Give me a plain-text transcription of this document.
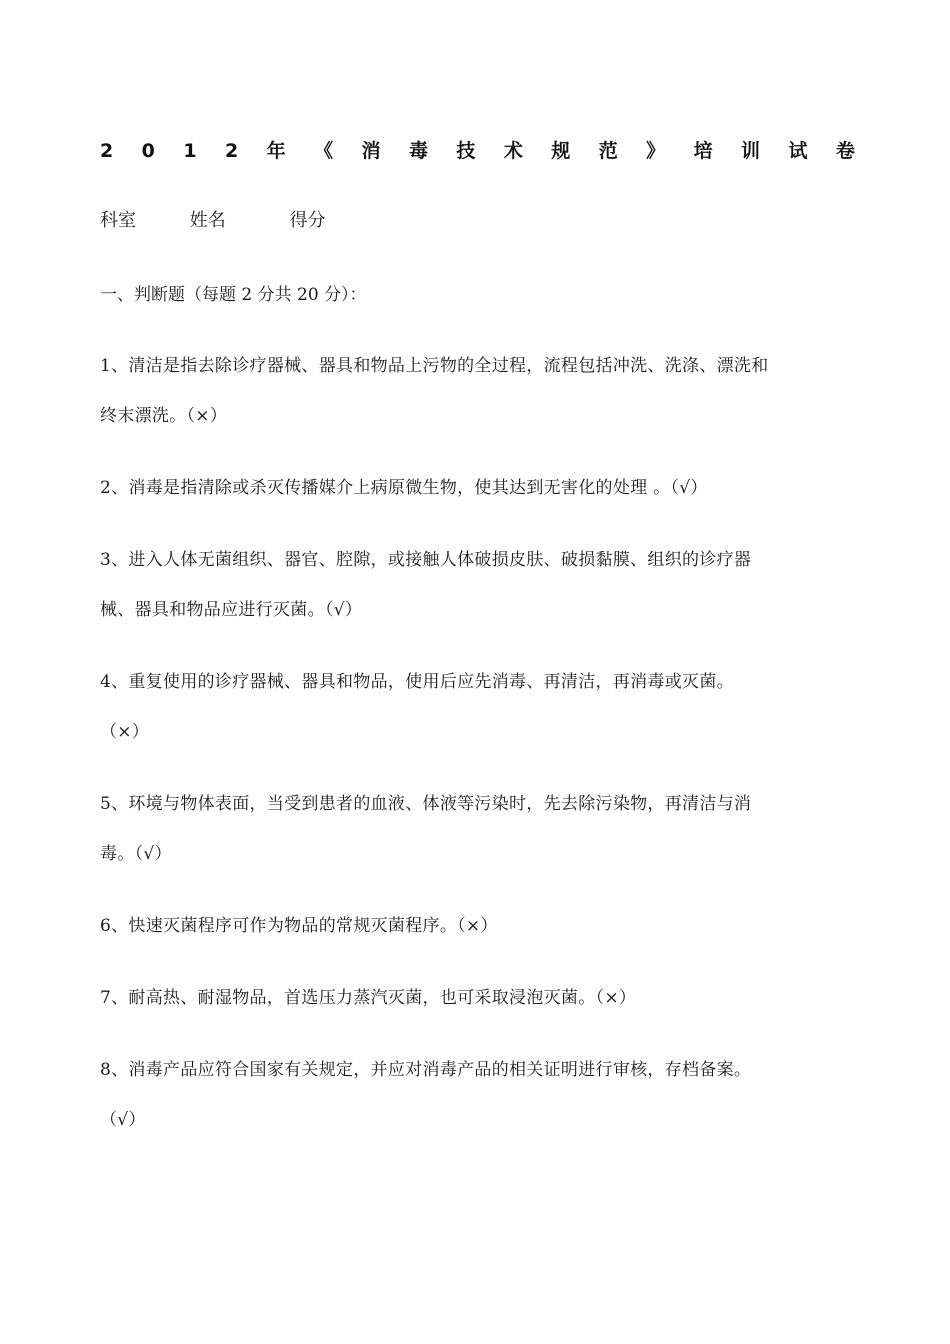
2 0 1 2 年 《 消 毒 技 术 规 范 》 培 训 试 卷
科室	姓名	得分
一、判断题（每题 2 分共 20 分）：
1、清洁是指去除诊疗器械、器具和物品上污物的全过程，流程包括冲洗、洗涤、漂洗和
终末漂洗。（×）
2、消毒是指清除或杀灭传播媒介上病原微生物，使其达到无害化的处理 。（√）
3、进入人体无菌组织、器官、腔隙，或接触人体破损皮肤、破损黏膜、组织的诊疗器
械、器具和物品应进行灭菌。（√）
4、重复使用的诊疗器械、器具和物品，使用后应先消毒、再清洁，再消毒或灭菌。
（×）
5、环境与物体表面，当受到患者的血液、体液等污染时，先去除污染物，再清洁与消
毒。（√）
6、快速灭菌程序可作为物品的常规灭菌程序。（×）
7、耐高热、耐湿物品，首选压力蒸汽灭菌，也可采取浸泡灭菌。（×）
8、消毒产品应符合国家有关规定，并应对消毒产品的相关证明进行审核，存档备案。
（√）
